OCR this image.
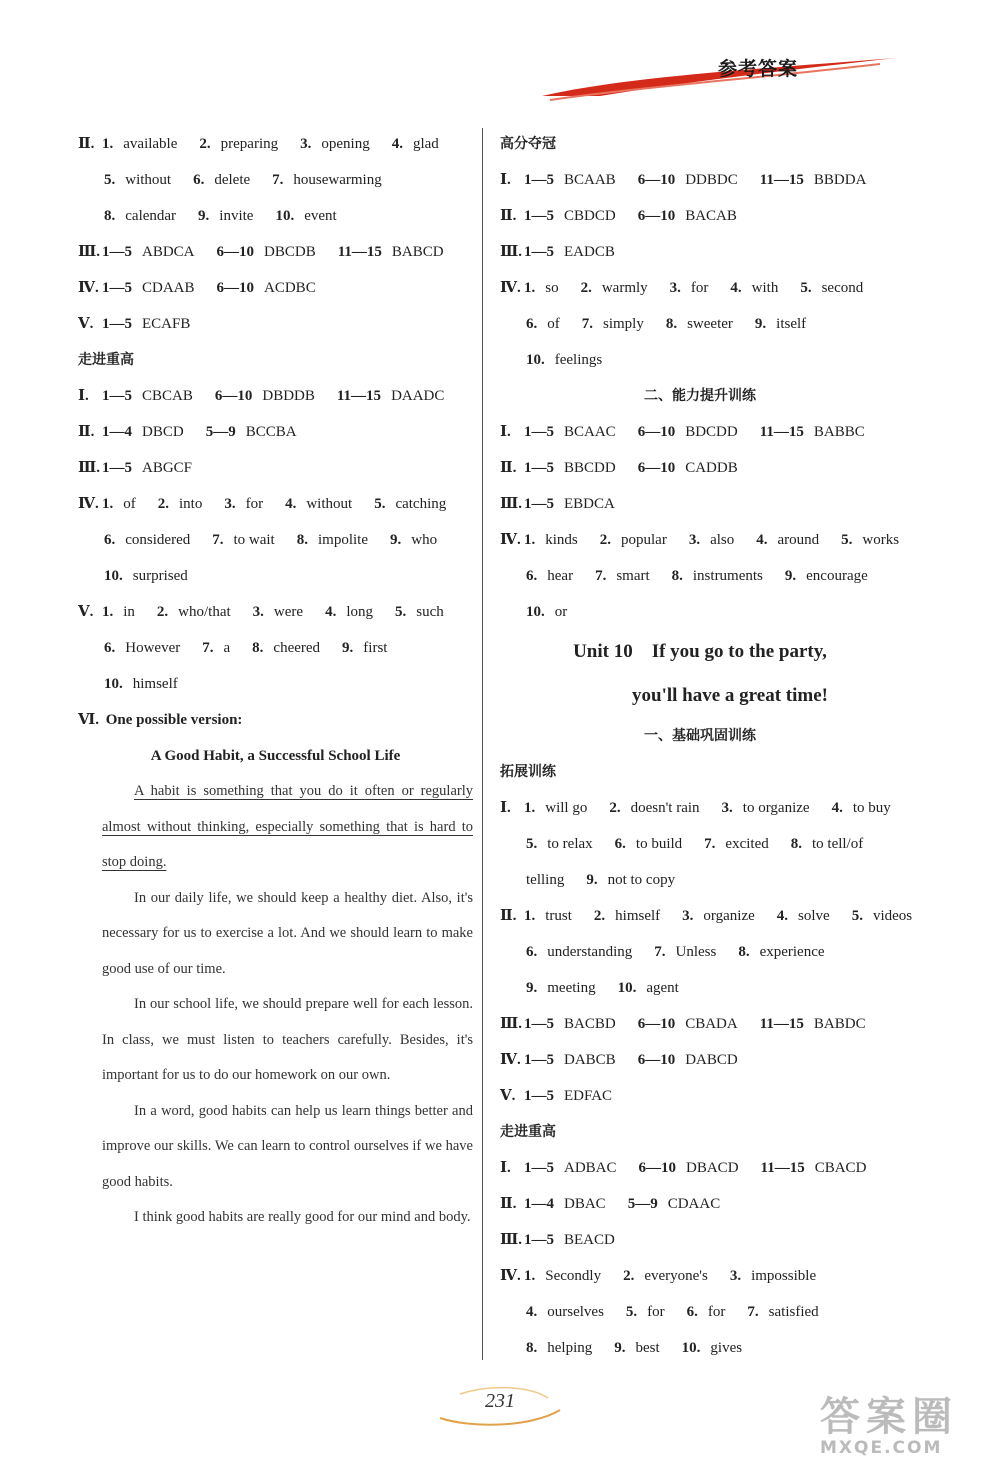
参考答案
Ⅱ. 1. available 2. preparing 3. opening 4. glad
5. without 6. delete 7. housewarming
8. calendar 9. invite 10. event
Ⅲ. 1—5 ABDCA 6—10 DBCDB 11—15 BABCD
Ⅳ. 1—5 CDAAB 6—10 ACDBC
Ⅴ. 1—5 ECAFB
走进重高
Ⅰ. 1—5 CBCAB 6—10 DBDDB 11—15 DAADC
Ⅱ. 1—4 DBCD 5—9 BCCBA
Ⅲ. 1—5 ABGCF
Ⅳ. 1. of 2. into 3. for 4. without 5. catching
6. considered 7. to wait 8. impolite 9. who
10. surprised
Ⅴ. 1. in 2. who/that 3. were 4. long 5. such
6. However 7. a 8. cheered 9. first
10. himself
Ⅵ. One possible version:
A Good Habit, a Successful School Life
A habit is something that you do it often or regularly almost without thinking, especially something that is hard to stop doing.
In our daily life, we should keep a healthy diet. Also, it's necessary for us to exercise a lot. And we should learn to make good use of our time.
In our school life, we should prepare well for each lesson. In class, we must listen to teachers carefully. Besides, it's important for us to do our homework on our own.
In a word, good habits can help us learn things better and improve our skills. We can learn to control ourselves if we have good habits.
I think good habits are really good for our mind and body.
高分夺冠
Ⅰ. 1—5 BCAAB 6—10 DDBDC 11—15 BBDDA
Ⅱ. 1—5 CBDCD 6—10 BACAB
Ⅲ. 1—5 EADCB
Ⅳ. 1. so 2. warmly 3. for 4. with 5. second
6. of 7. simply 8. sweeter 9. itself
10. feelings
二、能力提升训练
Ⅰ. 1—5 BCAAC 6—10 BDCDD 11—15 BABBC
Ⅱ. 1—5 BBCDD 6—10 CADDB
Ⅲ. 1—5 EBDCA
Ⅳ. 1. kinds 2. popular 3. also 4. around 5. works
6. hear 7. smart 8. instruments 9. encourage
10. or
Unit 10　If you go to the party,
you'll have a great time!
一、基础巩固训练
拓展训练
Ⅰ. 1. will go 2. doesn't rain 3. to organize 4. to buy
5. to relax 6. to build 7. excited 8. to tell/of
telling 9. not to copy
Ⅱ. 1. trust 2. himself 3. organize 4. solve 5. videos
6. understanding 7. Unless 8. experience
9. meeting 10. agent
Ⅲ. 1—5 BACBD 6—10 CBADA 11—15 BABDC
Ⅳ. 1—5 DABCB 6—10 DABCD
Ⅴ. 1—5 EDFAC
走进重高
Ⅰ. 1—5 ADBAC 6—10 DBACD 11—15 CBACD
Ⅱ. 1—4 DBAC 5—9 CDAAC
Ⅲ. 1—5 BEACD
Ⅳ. 1. Secondly 2. everyone's 3. impossible
4. ourselves 5. for 6. for 7. satisfied
8. helping 9. best 10. gives
231	答案圈
MXQE.COM
